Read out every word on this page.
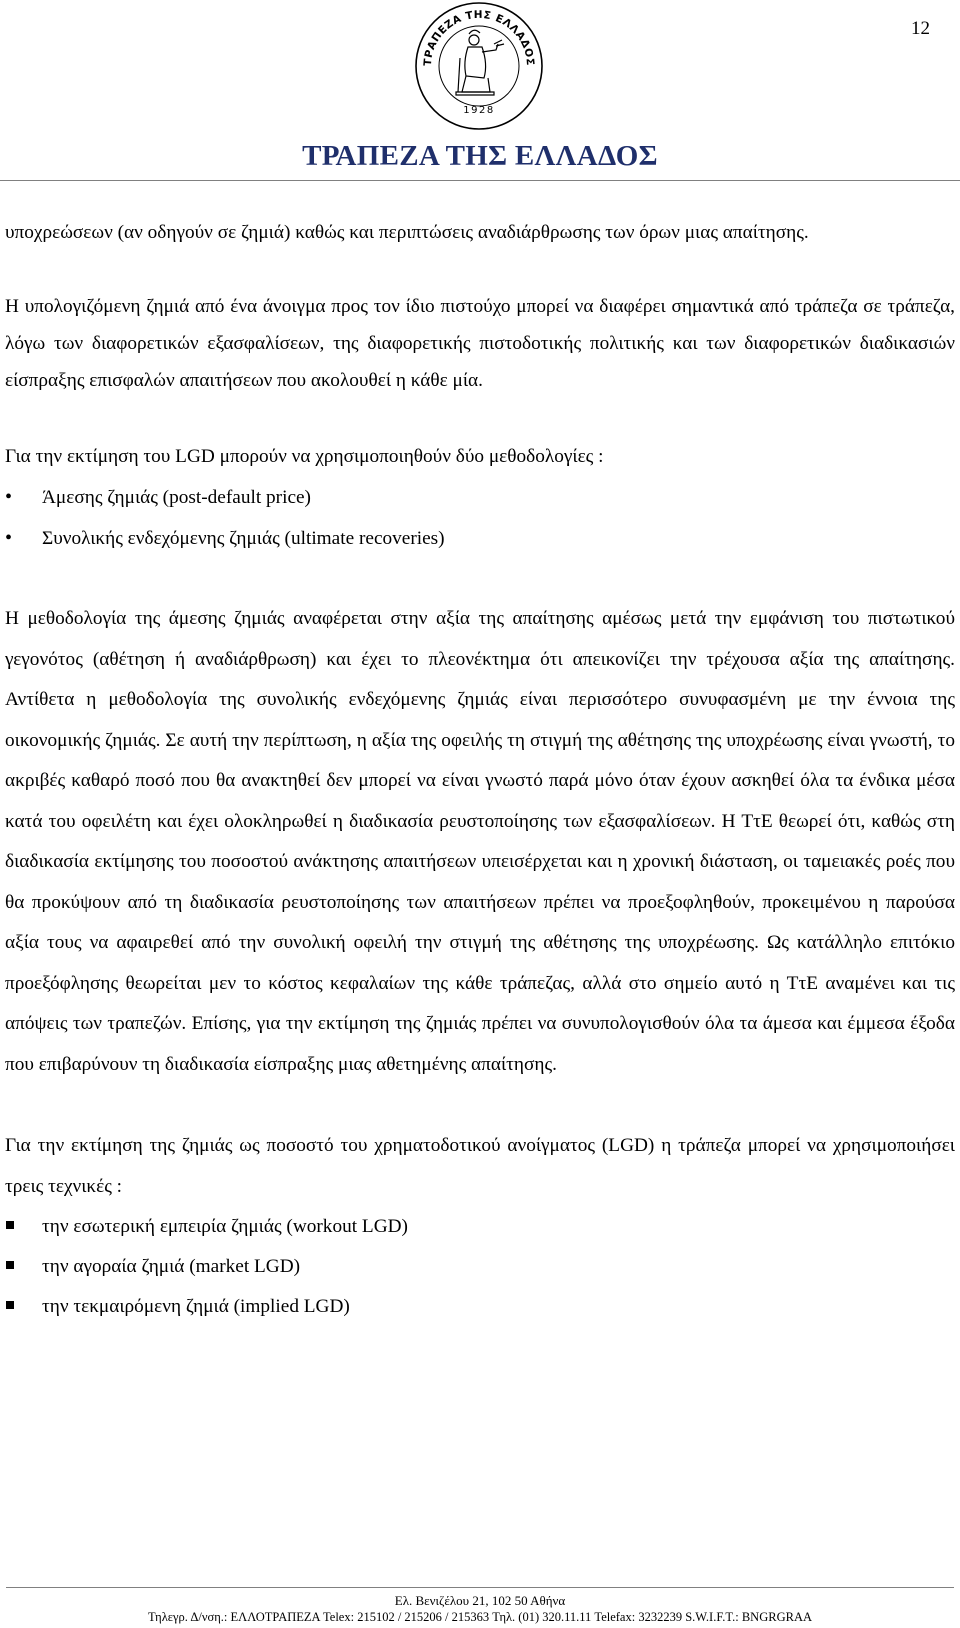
12
ΤΡΑΠΕΖΑ ΤΗΣ ΕΛΛΑΔΟΣ
1928
ΤΡΑΠΕΖΑ ΤΗΣ ΕΛΛΑΔΟΣ

υποχρεώσεων (αν οδηγούν σε ζημιά) καθώς και περιπτώσεις αναδιάρθρωσης των όρων μιας απαίτησης.

Η υπολογιζόμενη ζημιά από ένα άνοιγμα προς τον ίδιο πιστούχο μπορεί να διαφέρει σημαντικά από τράπεζα σε τράπεζα, λόγω των διαφορετικών εξασφαλίσεων, της διαφορετικής πιστοδοτικής πολιτικής και των διαφορετικών διαδικασιών είσπραξης επισφαλών απαιτήσεων που ακολουθεί η κάθε μία.

Για την εκτίμηση του LGD μπορούν να χρησιμοποιηθούν δύο μεθοδολογίες :

• Άμεσης ζημιάς (post-default price)
• Συνολικής ενδεχόμενης ζημιάς (ultimate recoveries)

Η μεθοδολογία της άμεσης ζημιάς αναφέρεται στην αξία της απαίτησης αμέσως μετά την εμφάνιση του πιστωτικού γεγονότος (αθέτηση ή αναδιάρθρωση) και έχει το πλεονέκτημα ότι απεικονίζει την τρέχουσα αξία της απαίτησης. Αντίθετα η μεθοδολογία της συνολικής ενδεχόμενης ζημιάς είναι περισσότερο συνυφασμένη με την έννοια της οικονομικής ζημιάς. Σε αυτή την περίπτωση, η αξία της οφειλής τη στιγμή της αθέτησης της υποχρέωσης είναι γνωστή, το ακριβές καθαρό ποσό που θα ανακτηθεί δεν μπορεί να είναι γνωστό παρά μόνο όταν έχουν ασκηθεί όλα τα ένδικα μέσα κατά του οφειλέτη και έχει ολοκληρωθεί η διαδικασία ρευστοποίησης των εξασφαλίσεων. Η ΤτΕ θεωρεί ότι, καθώς στη διαδικασία εκτίμησης του ποσοστού ανάκτησης απαιτήσεων υπεισέρχεται και η χρονική διάσταση, οι ταμειακές ροές που θα προκύψουν από τη διαδικασία ρευστοποίησης των απαιτήσεων πρέπει να προεξοφληθούν, προκειμένου η παρούσα αξία τους να αφαιρεθεί από την συνολική οφειλή την στιγμή της αθέτησης της υποχρέωσης. Ως κατάλληλο επιτόκιο προεξόφλησης θεωρείται μεν το κόστος κεφαλαίων της κάθε τράπεζας, αλλά στο σημείο αυτό η ΤτΕ αναμένει και τις απόψεις των τραπεζών. Επίσης, για την εκτίμηση της ζημιάς πρέπει να συνυπολογισθούν όλα τα άμεσα και έμμεσα έξοδα που επιβαρύνουν τη διαδικασία είσπραξης μιας αθετημένης απαίτησης.

Για την εκτίμηση της ζημιάς ως ποσοστό του χρηματοδοτικού ανοίγματος (LGD) η τράπεζα μπορεί να χρησιμοποιήσει τρεις τεχνικές :

την εσωτερική εμπειρία ζημιάς (workout LGD)
την αγοραία ζημιά (market LGD)
την τεκμαιρόμενη ζημιά (implied LGD)
Ελ. Βενιζέλου 21, 102 50 Αθήνα
Τηλεγρ. Δ/νση.: ΕΛΛΟΤΡΑΠΕΖΑ Telex: 215102 / 215206 / 215363 Τηλ. (01) 320.11.11 Telefax: 3232239 S.W.I.F.T.: BNGRGRAA
